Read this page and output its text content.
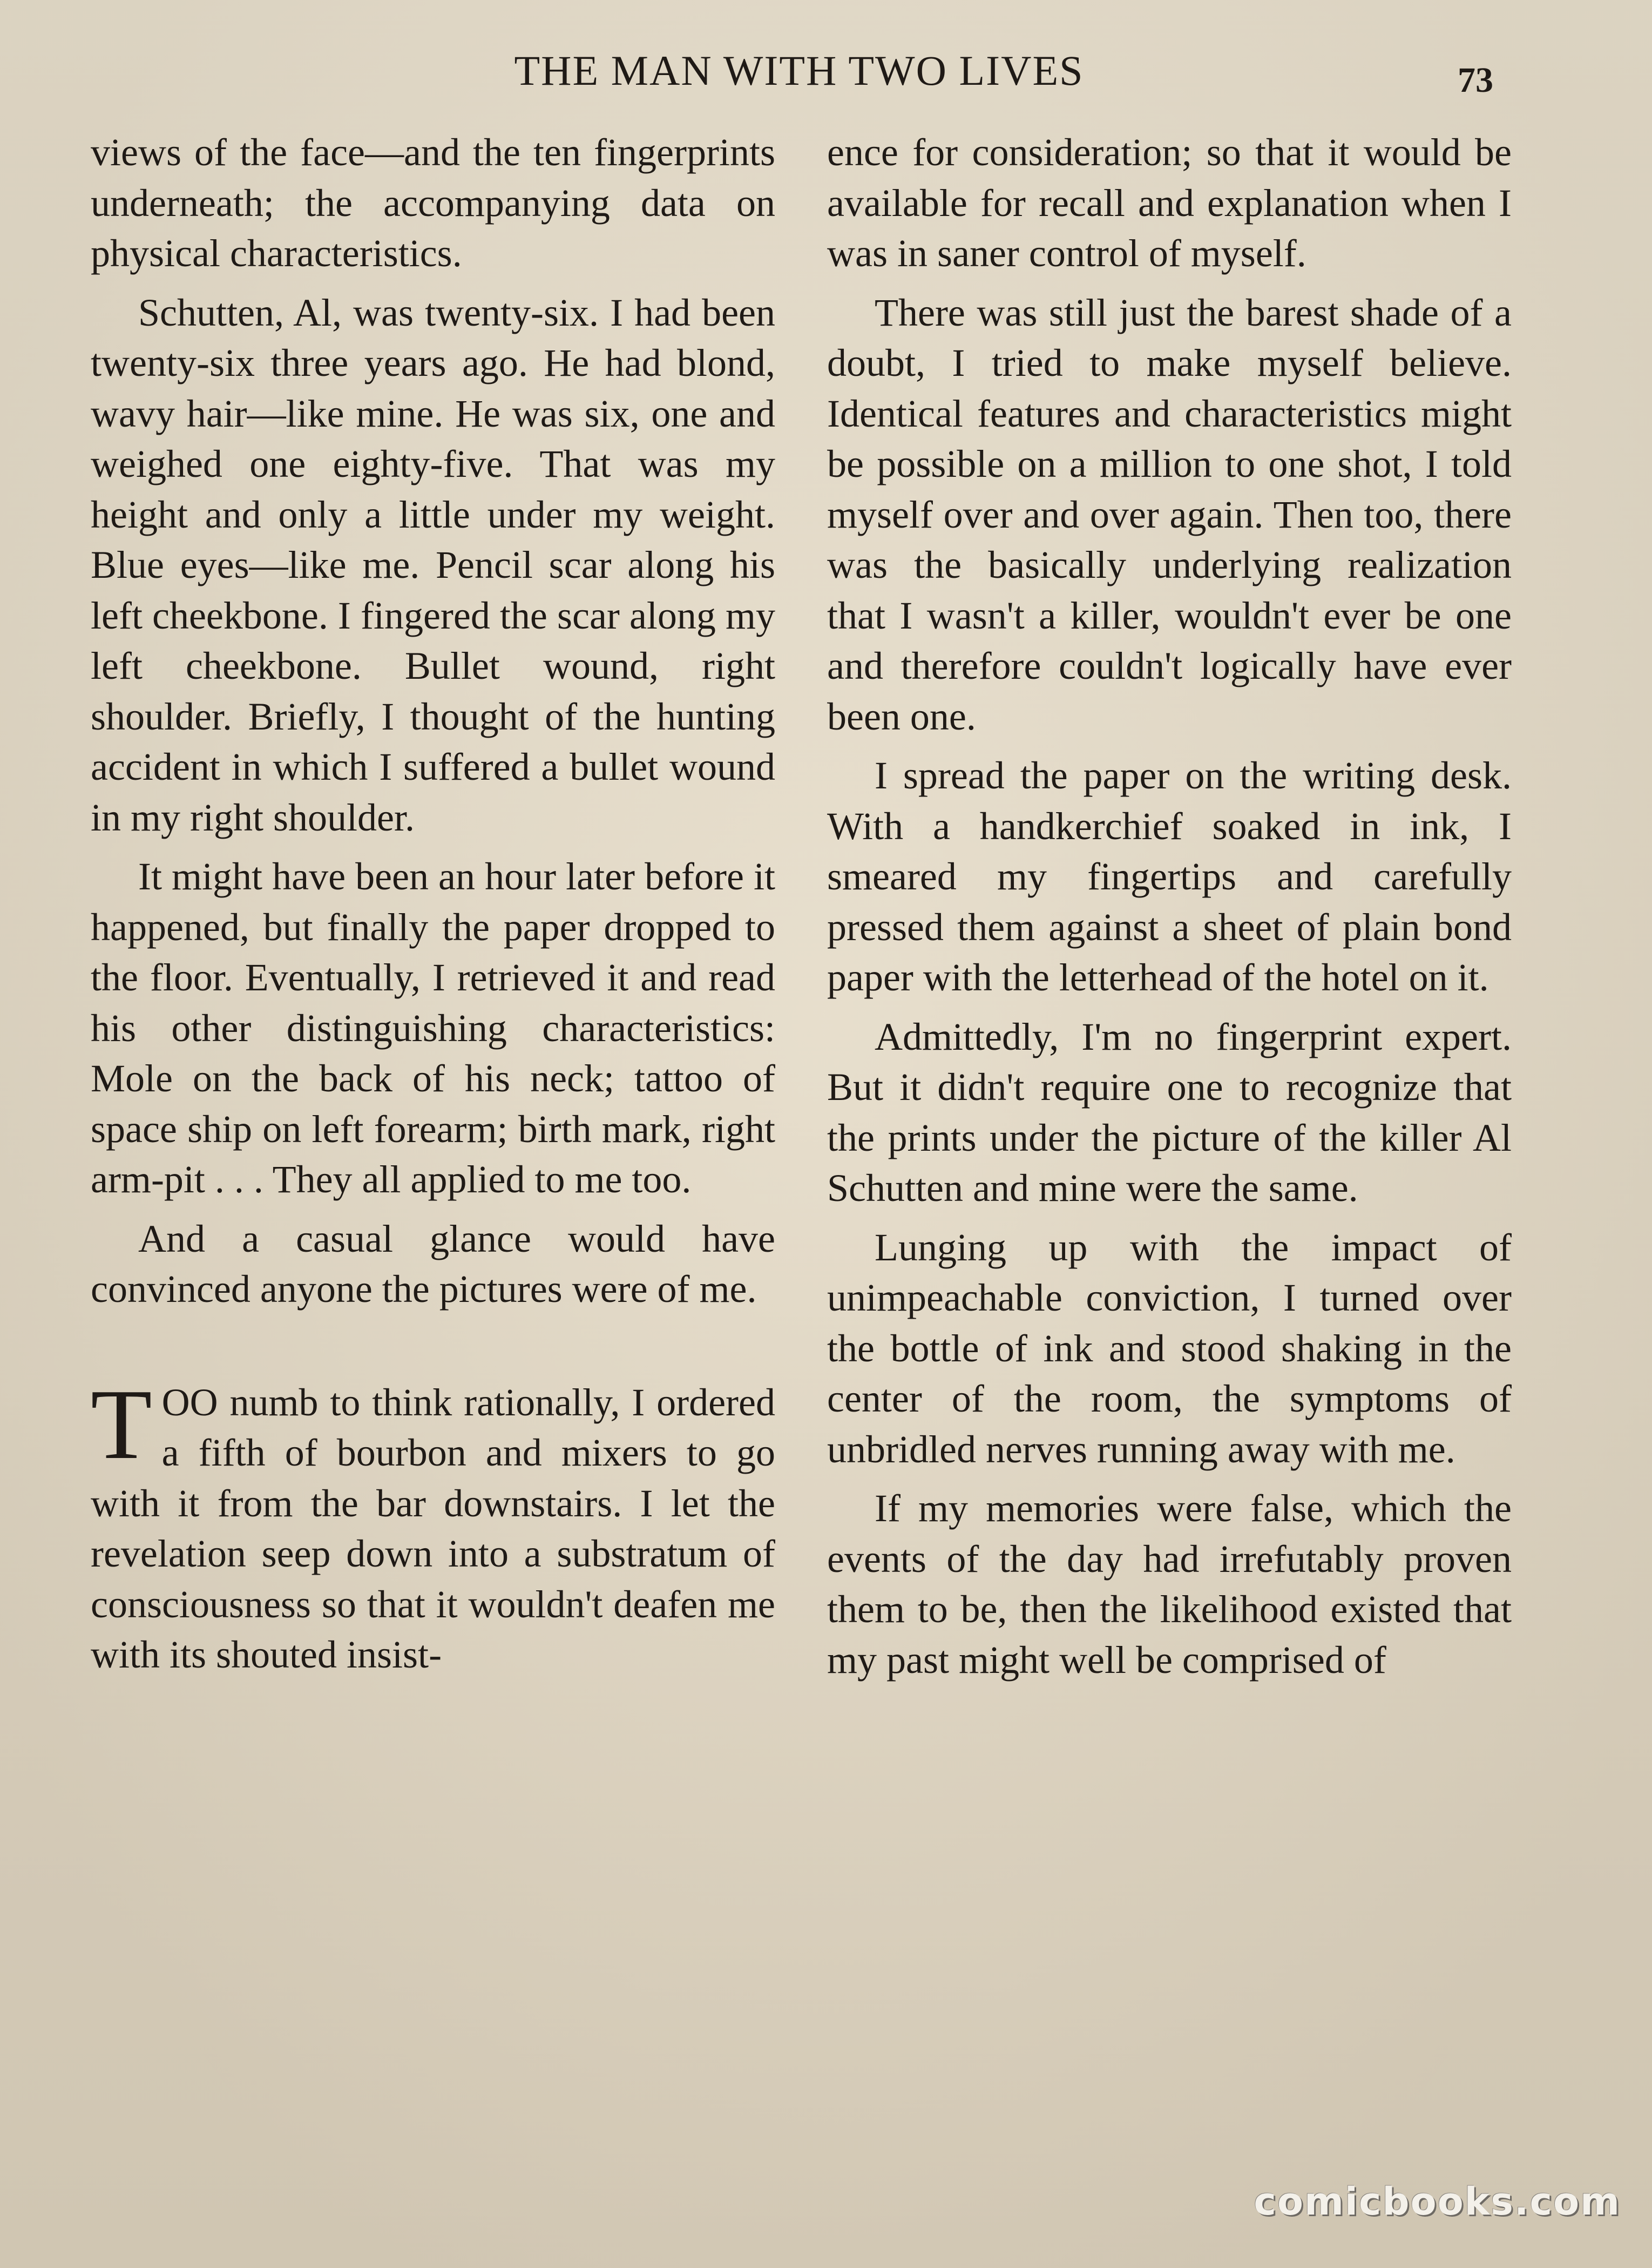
THE MAN WITH TWO LIVES	73

views of the face—and the ten fingerprints underneath; the accompanying data on physical characteristics.

Schutten, Al, was twenty-six. I had been twenty-six three years ago. He had blond, wavy hair—like mine. He was six, one and weighed one eighty-five. That was my height and only a little under my weight. Blue eyes—like me. Pencil scar along his left cheekbone. I fingered the scar along my left cheekbone. Bullet wound, right shoulder. Briefly, I thought of the hunting accident in which I suffered a bullet wound in my right shoulder.

It might have been an hour later before it happened, but finally the paper dropped to the floor. Eventually, I retrieved it and read his other distinguishing characteristics: Mole on the back of his neck; tattoo of space ship on left forearm; birth mark, right arm-pit . . . They all applied to me too.

And a casual glance would have convinced anyone the pictures were of me.

TOO numb to think rationally, I ordered a fifth of bourbon and mixers to go with it from the bar downstairs. I let the revelation seep down into a substratum of consciousness so that it wouldn't deafen me with its shouted insist-

ence for consideration; so that it would be available for recall and explanation when I was in saner control of myself.

There was still just the barest shade of a doubt, I tried to make myself believe. Identical features and characteristics might be possible on a million to one shot, I told myself over and over again. Then too, there was the basically underlying realization that I wasn't a killer, wouldn't ever be one and therefore couldn't logically have ever been one.

I spread the paper on the writing desk. With a handkerchief soaked in ink, I smeared my fingertips and carefully pressed them against a sheet of plain bond paper with the letterhead of the hotel on it.

Admittedly, I'm no fingerprint expert. But it didn't require one to recognize that the prints under the picture of the killer Al Schutten and mine were the same.

Lunging up with the impact of unimpeachable conviction, I turned over the bottle of ink and stood shaking in the center of the room, the symptoms of unbridled nerves running away with me.

If my memories were false, which the events of the day had irrefutably proven them to be, then the likelihood existed that my past might well be comprised of

comicbooks.com
